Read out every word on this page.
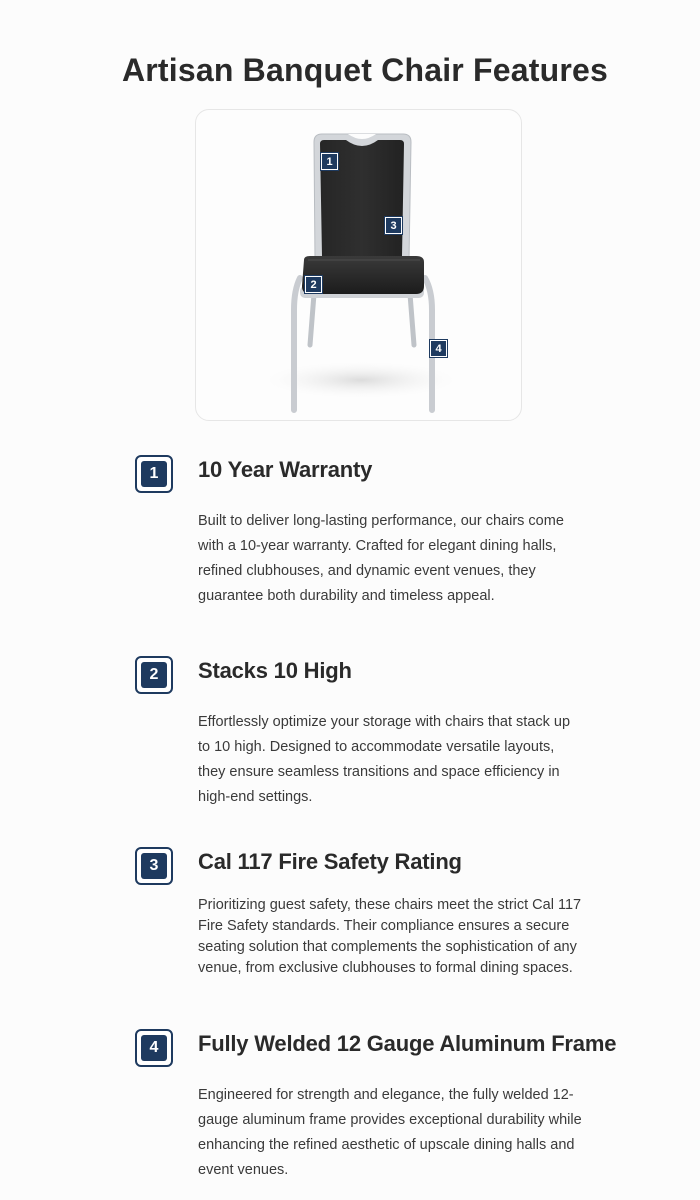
Artisan Banquet Chair Features
1
3
2
4
1	10 Year Warranty

Built to deliver long-lasting performance, our chairs come with a 10-year warranty. Crafted for elegant dining halls, refined clubhouses, and dynamic event venues, they guarantee both durability and timeless appeal.

2	Stacks 10 High

Effortlessly optimize your storage with chairs that stack up to 10 high. Designed to accommodate versatile layouts, they ensure seamless transitions and space efficiency in high-end settings.

3	Cal 117 Fire Safety Rating

Prioritizing guest safety, these chairs meet the strict Cal 117 Fire Safety standards. Their compliance ensures a secure seating solution that complements the sophistication of any venue, from exclusive clubhouses to formal dining spaces.

4	Fully Welded 12 Gauge Aluminum Frame

Engineered for strength and elegance, the fully welded 12-gauge aluminum frame provides exceptional durability while enhancing the refined aesthetic of upscale dining halls and event venues.
